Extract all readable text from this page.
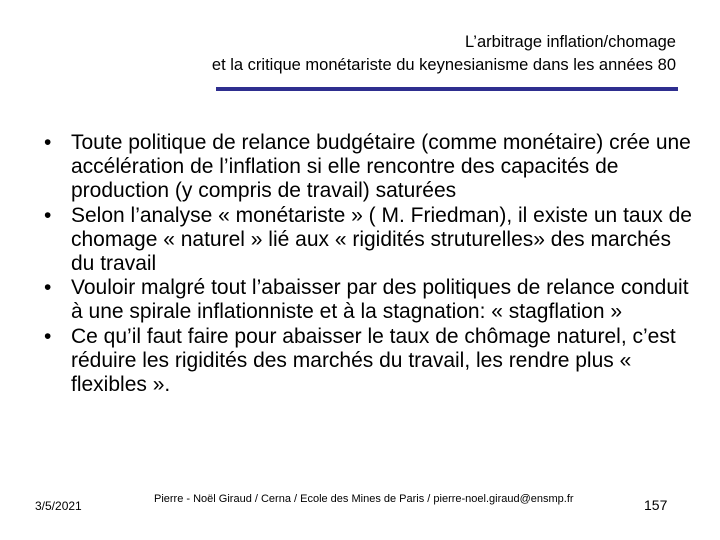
L’arbitrage inflation/chomage
et la critique monétariste du keynesianisme dans les années 80
• Toute politique de relance budgétaire (comme monétaire) crée une accélération de l’inflation si elle rencontre des capacités de production (y compris de travail) saturées
• Selon l’analyse « monétariste » ( M. Friedman), il existe un taux de chomage « naturel » lié aux « rigidités struturelles» des marchés du travail
• Vouloir malgré tout l’abaisser par des politiques de relance conduit à une spirale inflationniste et à la stagnation: « stagflation »
• Ce qu’il faut faire pour abaisser le taux de chômage naturel, c’est réduire les rigidités des marchés du travail, les rendre plus « flexibles ».
3/5/2021	Pierre - Noël Giraud / Cerna / Ecole des Mines de Paris / pierre-noel.giraud@ensmp.fr	157
